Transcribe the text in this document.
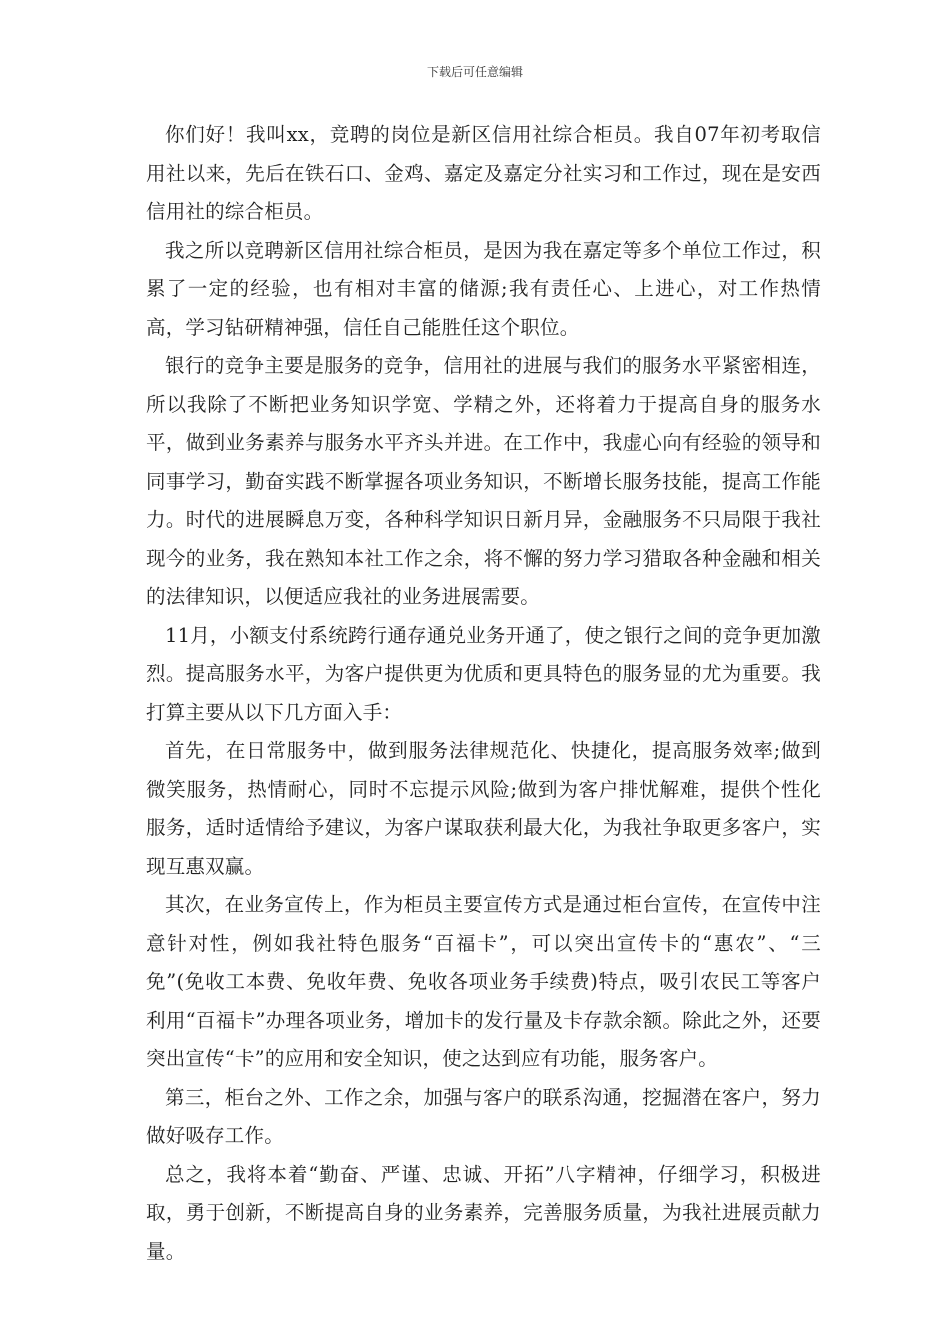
下载后可任意编辑

你们好！我叫xx，竞聘的岗位是新区信用社综合柜员。我自07年初考取信用社以来，先后在铁石口、金鸡、嘉定及嘉定分社实习和工作过，现在是安西信用社的综合柜员。

我之所以竞聘新区信用社综合柜员，是因为我在嘉定等多个单位工作过，积累了一定的经验，也有相对丰富的储源;我有责任心、上进心，对工作热情高，学习钻研精神强，信任自己能胜任这个职位。

银行的竞争主要是服务的竞争，信用社的进展与我们的服务水平紧密相连，所以我除了不断把业务知识学宽、学精之外，还将着力于提高自身的服务水平，做到业务素养与服务水平齐头并进。在工作中，我虚心向有经验的领导和同事学习，勤奋实践不断掌握各项业务知识，不断增长服务技能，提高工作能力。时代的进展瞬息万变，各种科学知识日新月异，金融服务不只局限于我社现今的业务，我在熟知本社工作之余，将不懈的努力学习猎取各种金融和相关的法律知识，以便适应我社的业务进展需要。

11月，小额支付系统跨行通存通兑业务开通了，使之银行之间的竞争更加激烈。提高服务水平，为客户提供更为优质和更具特色的服务显的尤为重要。我打算主要从以下几方面入手：

首先，在日常服务中，做到服务法律规范化、快捷化，提高服务效率;做到微笑服务，热情耐心，同时不忘提示风险;做到为客户排忧解难，提供个性化服务，适时适情给予建议，为客户谋取获利最大化，为我社争取更多客户，实现互惠双赢。

其次，在业务宣传上，作为柜员主要宣传方式是通过柜台宣传，在宣传中注意针对性，例如我社特色服务“百福卡”，可以突出宣传卡的“惠农”、“三免”(免收工本费、免收年费、免收各项业务手续费)特点，吸引农民工等客户利用“百福卡”办理各项业务，增加卡的发行量及卡存款余额。除此之外，还要突出宣传“卡”的应用和安全知识，使之达到应有功能，服务客户。

第三，柜台之外、工作之余，加强与客户的联系沟通，挖掘潜在客户，努力做好吸存工作。

总之，我将本着“勤奋、严谨、忠诚、开拓”八字精神，仔细学习，积极进取，勇于创新，不断提高自身的业务素养，完善服务质量，为我社进展贡献力量。
